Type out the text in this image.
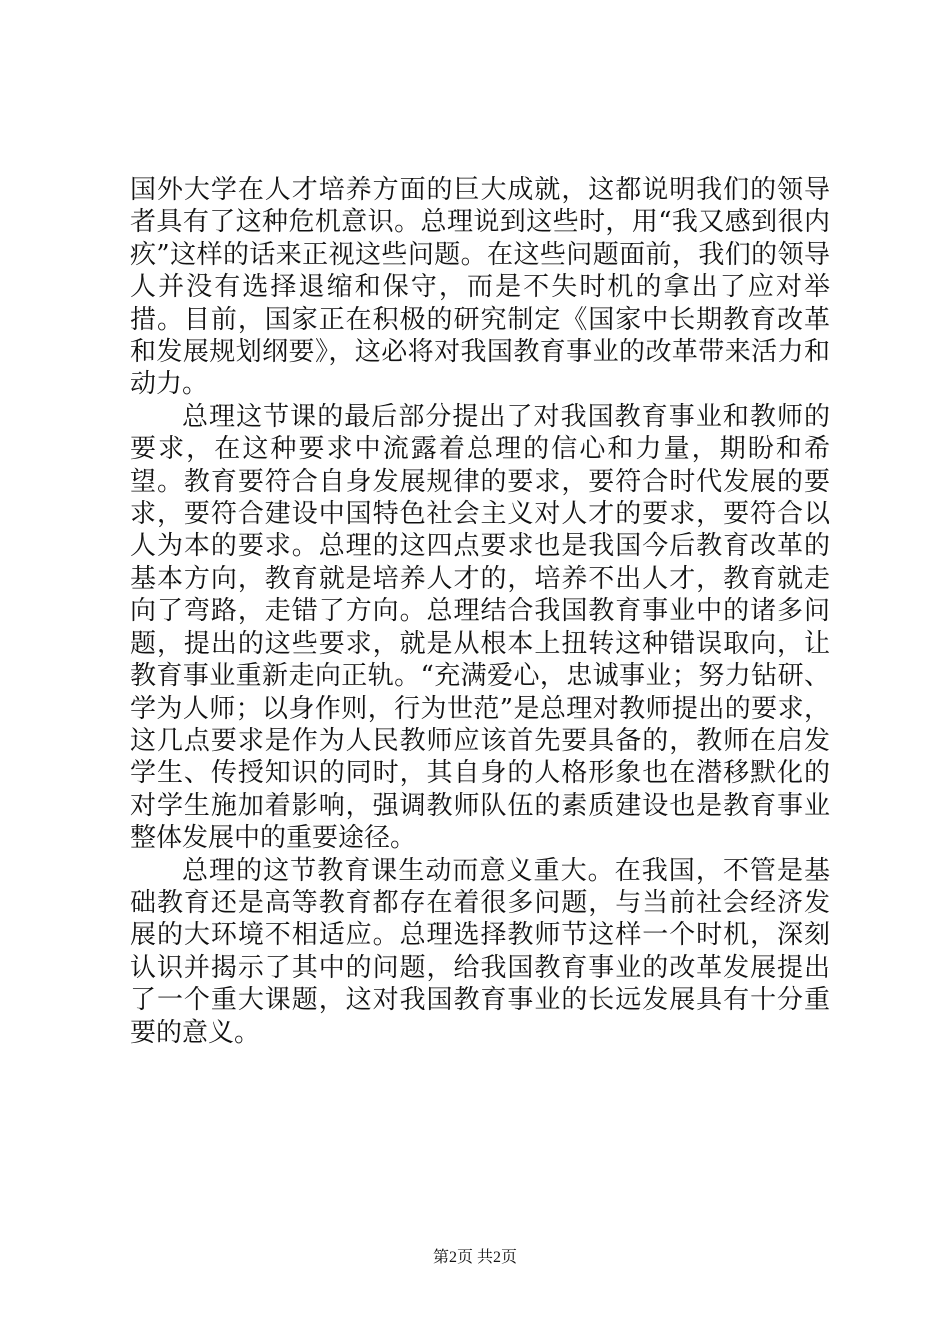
国外大学在人才培养方面的巨大成就，这都说明我们的领导者具有了这种危机意识。总理说到这些时，用“我又感到很内疚”这样的话来正视这些问题。在这些问题面前，我们的领导人并没有选择退缩和保守，而是不失时机的拿出了应对举措。目前，国家正在积极的研究制定《国家中长期教育改革和发展规划纲要》，这必将对我国教育事业的改革带来活力和动力。

总理这节课的最后部分提出了对我国教育事业和教师的要求，在这种要求中流露着总理的信心和力量，期盼和希望。教育要符合自身发展规律的要求，要符合时代发展的要求，要符合建设中国特色社会主义对人才的要求，要符合以人为本的要求。总理的这四点要求也是我国今后教育改革的基本方向，教育就是培养人才的，培养不出人才，教育就走向了弯路，走错了方向。总理结合我国教育事业中的诸多问题，提出的这些要求，就是从根本上扭转这种错误取向，让教育事业重新走向正轨。“充满爱心，忠诚事业；努力钻研、学为人师；以身作则，行为世范”是总理对教师提出的要求，这几点要求是作为人民教师应该首先要具备的，教师在启发学生、传授知识的同时，其自身的人格形象也在潜移默化的对学生施加着影响，强调教师队伍的素质建设也是教育事业整体发展中的重要途径。

总理的这节教育课生动而意义重大。在我国，不管是基础教育还是高等教育都存在着很多问题，与当前社会经济发展的大环境不相适应。总理选择教师节这样一个时机，深刻认识并揭示了其中的问题，给我国教育事业的改革发展提出了一个重大课题，这对我国教育事业的长远发展具有十分重要的意义。

第2页 共2页
